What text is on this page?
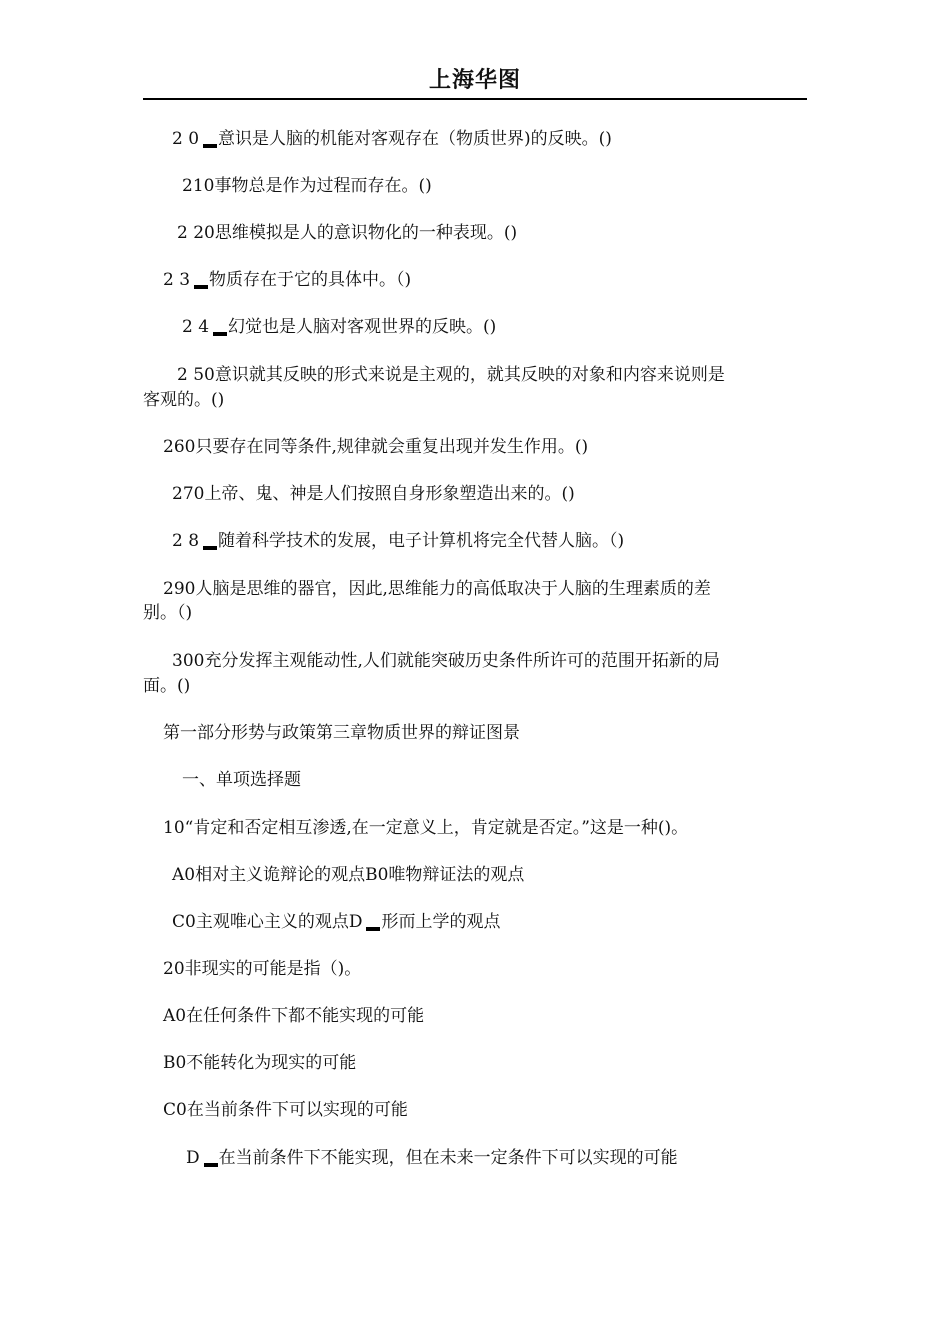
上海华图
2 0 意识是人脑的机能对客观存在（物质世界)的反映。()
210事物总是作为过程而存在。()
2 20思维模拟是人的意识物化的一种表现。()
2 3 物质存在于它的具体中。（)
2 4 幻觉也是人脑对客观世界的反映。()
2 50意识就其反映的形式来说是主观的，就其反映的对象和内容来说则是
客观的。()
260只要存在同等条件,规律就会重复出现并发生作用。()
270上帝、鬼、神是人们按照自身形象塑造出来的。()
2 8 随着科学技术的发展，电子计算机将完全代替人脑。（)
290人脑是思维的器官，因此,思维能力的高低取决于人脑的生理素质的差
别。（)
300充分发挥主观能动性,人们就能突破历史条件所许可的范围开拓新的局
面。()
第一部分形势与政策第三章物质世界的辩证图景
一、单项选择题
10“肯定和否定相互渗透,在一定意义上，肯定就是否定。”这是一种()。
A0相对主义诡辩论的观点B0唯物辩证法的观点
C0主观唯心主义的观点D 形而上学的观点
20非现实的可能是指（)。
A0在任何条件下都不能实现的可能
B0不能转化为现实的可能
C0在当前条件下可以实现的可能
D 在当前条件下不能实现，但在未来一定条件下可以实现的可能
